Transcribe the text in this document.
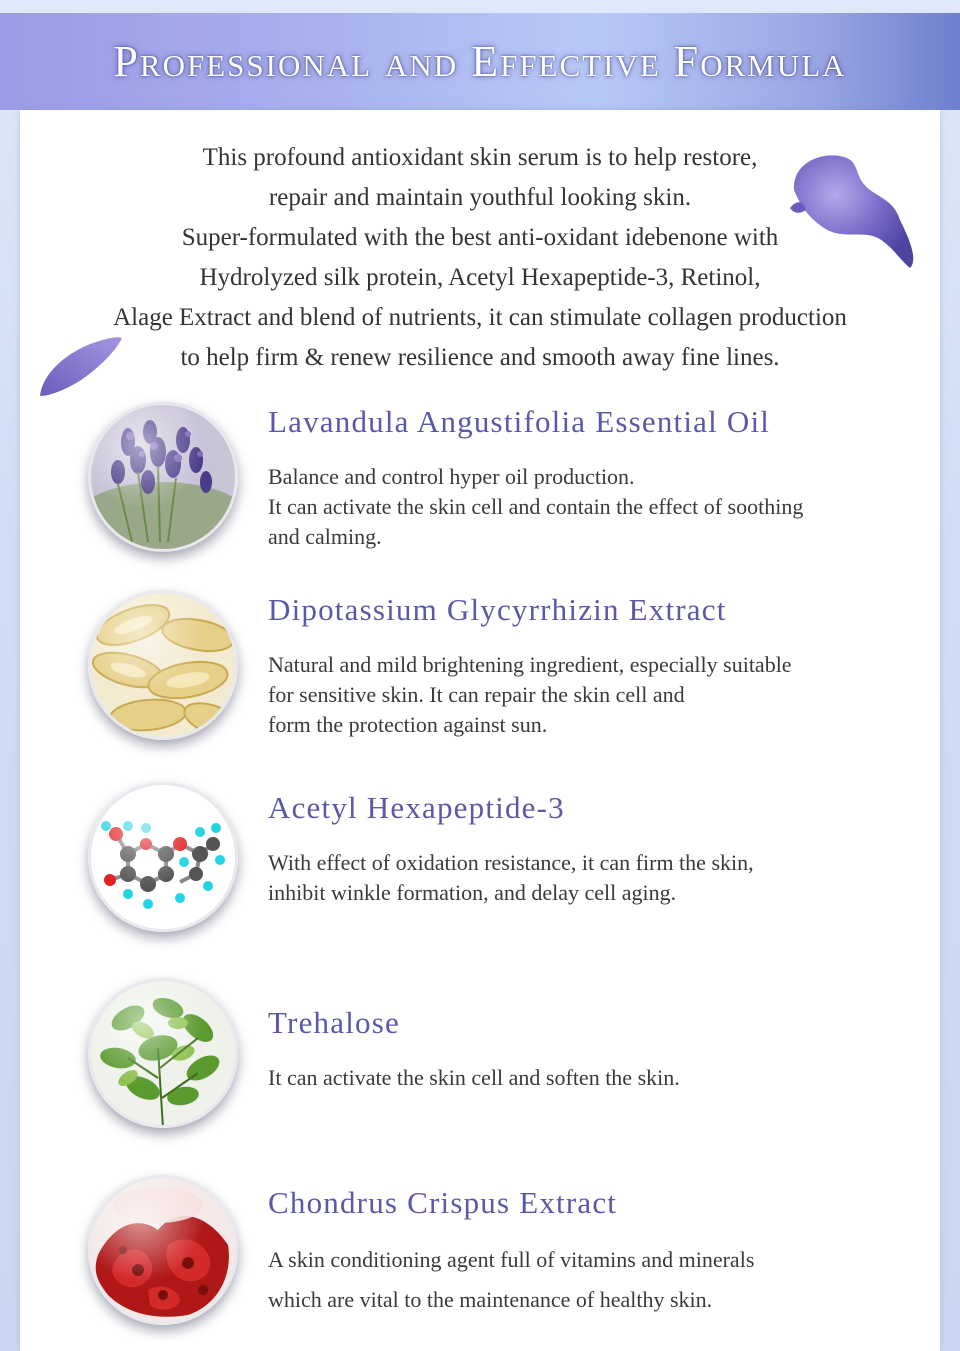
Professional and Effective Formula

This profound antioxidant skin serum is to help restore,

repair and maintain youthful looking skin.

Super-formulated with the best anti-oxidant idebenone with

Hydrolyzed silk protein, Acetyl Hexapeptide-3, Retinol,

Alage Extract and blend of nutrients, it can stimulate collagen production

to help firm & renew resilience and smooth away fine lines.

Lavandula Angustifolia Essential Oil

Balance and control hyper oil production.

It can activate the skin cell and contain the effect of soothing

and calming.

Dipotassium Glycyrrhizin Extract

Natural and mild brightening ingredient, especially suitable

for sensitive skin. It can repair the skin cell and

form the protection against sun.

Acetyl Hexapeptide-3

With effect of oxidation resistance, it can firm the skin,

inhibit winkle formation, and delay cell aging.

Trehalose

It can activate the skin cell and soften the skin.

Chondrus Crispus Extract

A skin conditioning agent full of vitamins and minerals

which are vital to the maintenance of healthy skin.
